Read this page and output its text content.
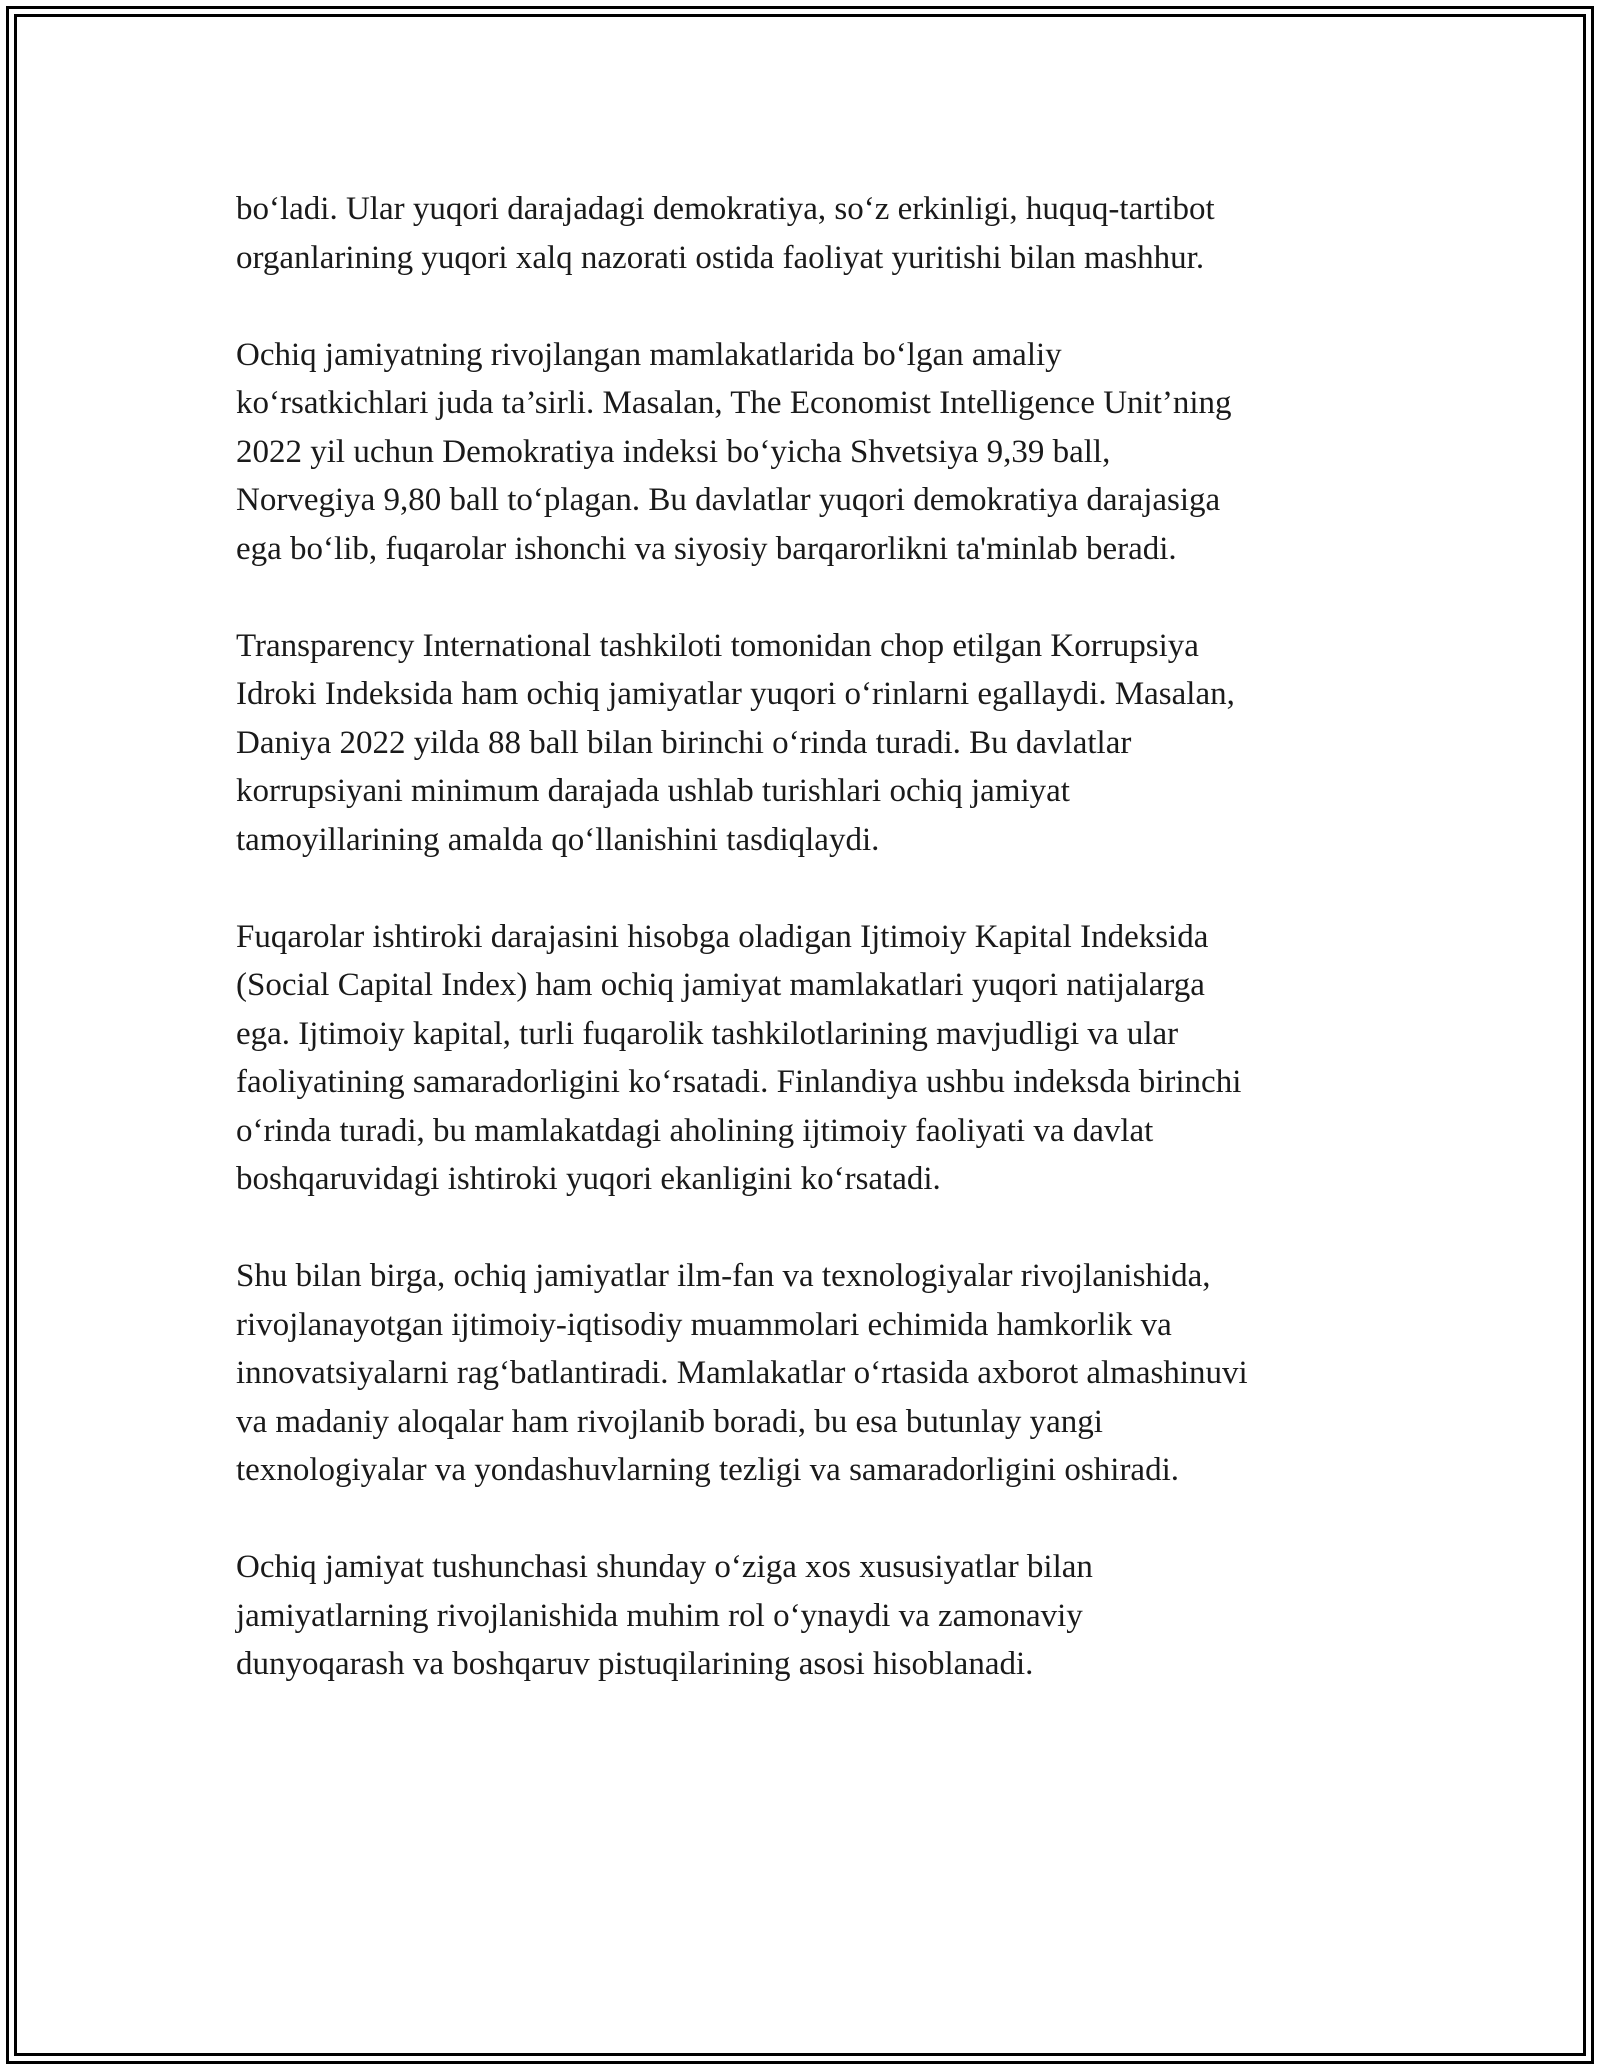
bo‘ladi. Ular yuqori darajadagi demokratiya, so‘z erkinligi, huquq-tartibot
organlarining yuqori xalq nazorati ostida faoliyat yuritishi bilan mashhur.

Ochiq jamiyatning rivojlangan mamlakatlarida bo‘lgan amaliy
ko‘rsatkichlari juda ta’sirli. Masalan, The Economist Intelligence Unit’ning
2022 yil uchun Demokratiya indeksi bo‘yicha Shvetsiya 9,39 ball,
Norvegiya 9,80 ball to‘plagan. Bu davlatlar yuqori demokratiya darajasiga
ega bo‘lib, fuqarolar ishonchi va siyosiy barqarorlikni ta'minlab beradi.

Transparency International tashkiloti tomonidan chop etilgan Korrupsiya
Idroki Indeksida ham ochiq jamiyatlar yuqori o‘rinlarni egallaydi. Masalan,
Daniya 2022 yilda 88 ball bilan birinchi o‘rinda turadi. Bu davlatlar
korrupsiyani minimum darajada ushlab turishlari ochiq jamiyat
tamoyillarining amalda qo‘llanishini tasdiqlaydi.

Fuqarolar ishtiroki darajasini hisobga oladigan Ijtimoiy Kapital Indeksida
(Social Capital Index) ham ochiq jamiyat mamlakatlari yuqori natijalarga
ega. Ijtimoiy kapital, turli fuqarolik tashkilotlarining mavjudligi va ular
faoliyatining samaradorligini ko‘rsatadi. Finlandiya ushbu indeksda birinchi
o‘rinda turadi, bu mamlakatdagi aholining ijtimoiy faoliyati va davlat
boshqaruvidagi ishtiroki yuqori ekanligini ko‘rsatadi.

Shu bilan birga, ochiq jamiyatlar ilm-fan va texnologiyalar rivojlanishida,
rivojlanayotgan ijtimoiy-iqtisodiy muammolari echimida hamkorlik va
innovatsiyalarni rag‘batlantiradi. Mamlakatlar o‘rtasida axborot almashinuvi
va madaniy aloqalar ham rivojlanib boradi, bu esa butunlay yangi
texnologiyalar va yondashuvlarning tezligi va samaradorligini oshiradi.

Ochiq jamiyat tushunchasi shunday o‘ziga xos xususiyatlar bilan
jamiyatlarning rivojlanishida muhim rol o‘ynaydi va zamonaviy
dunyoqarash va boshqaruv pistuqilarining asosi hisoblanadi.
